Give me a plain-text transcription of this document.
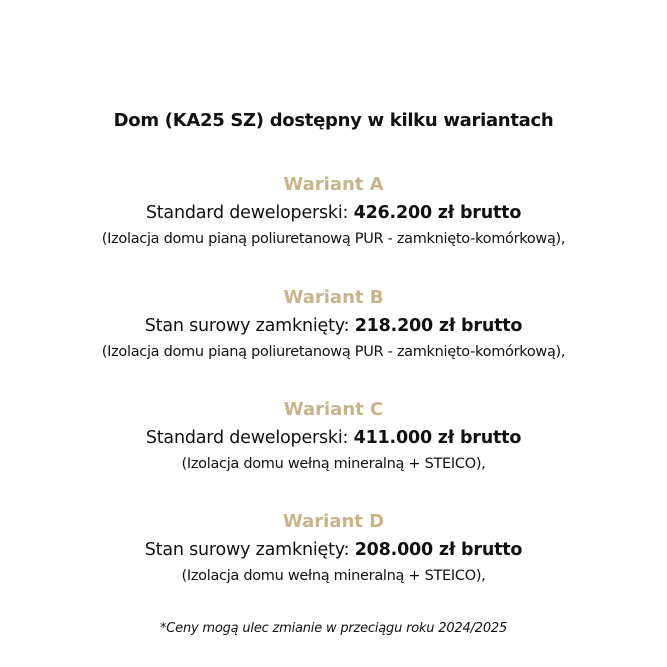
Dom (KA25 SZ) dostępny w kilku wariantach
Wariant A
Standard deweloperski: 426.200 zł brutto
(Izolacja domu pianą poliuretanową PUR - zamknięto-komórkową),
Wariant B
Stan surowy zamknięty: 218.200 zł brutto
(Izolacja domu pianą poliuretanową PUR - zamknięto-komórkową),
Wariant C
Standard deweloperski: 411.000 zł brutto
(Izolacja domu wełną mineralną + STEICO),
Wariant D
Stan surowy zamknięty: 208.000 zł brutto
(Izolacja domu wełną mineralną + STEICO),
*Ceny mogą ulec zmianie w przeciągu roku 2024/2025
